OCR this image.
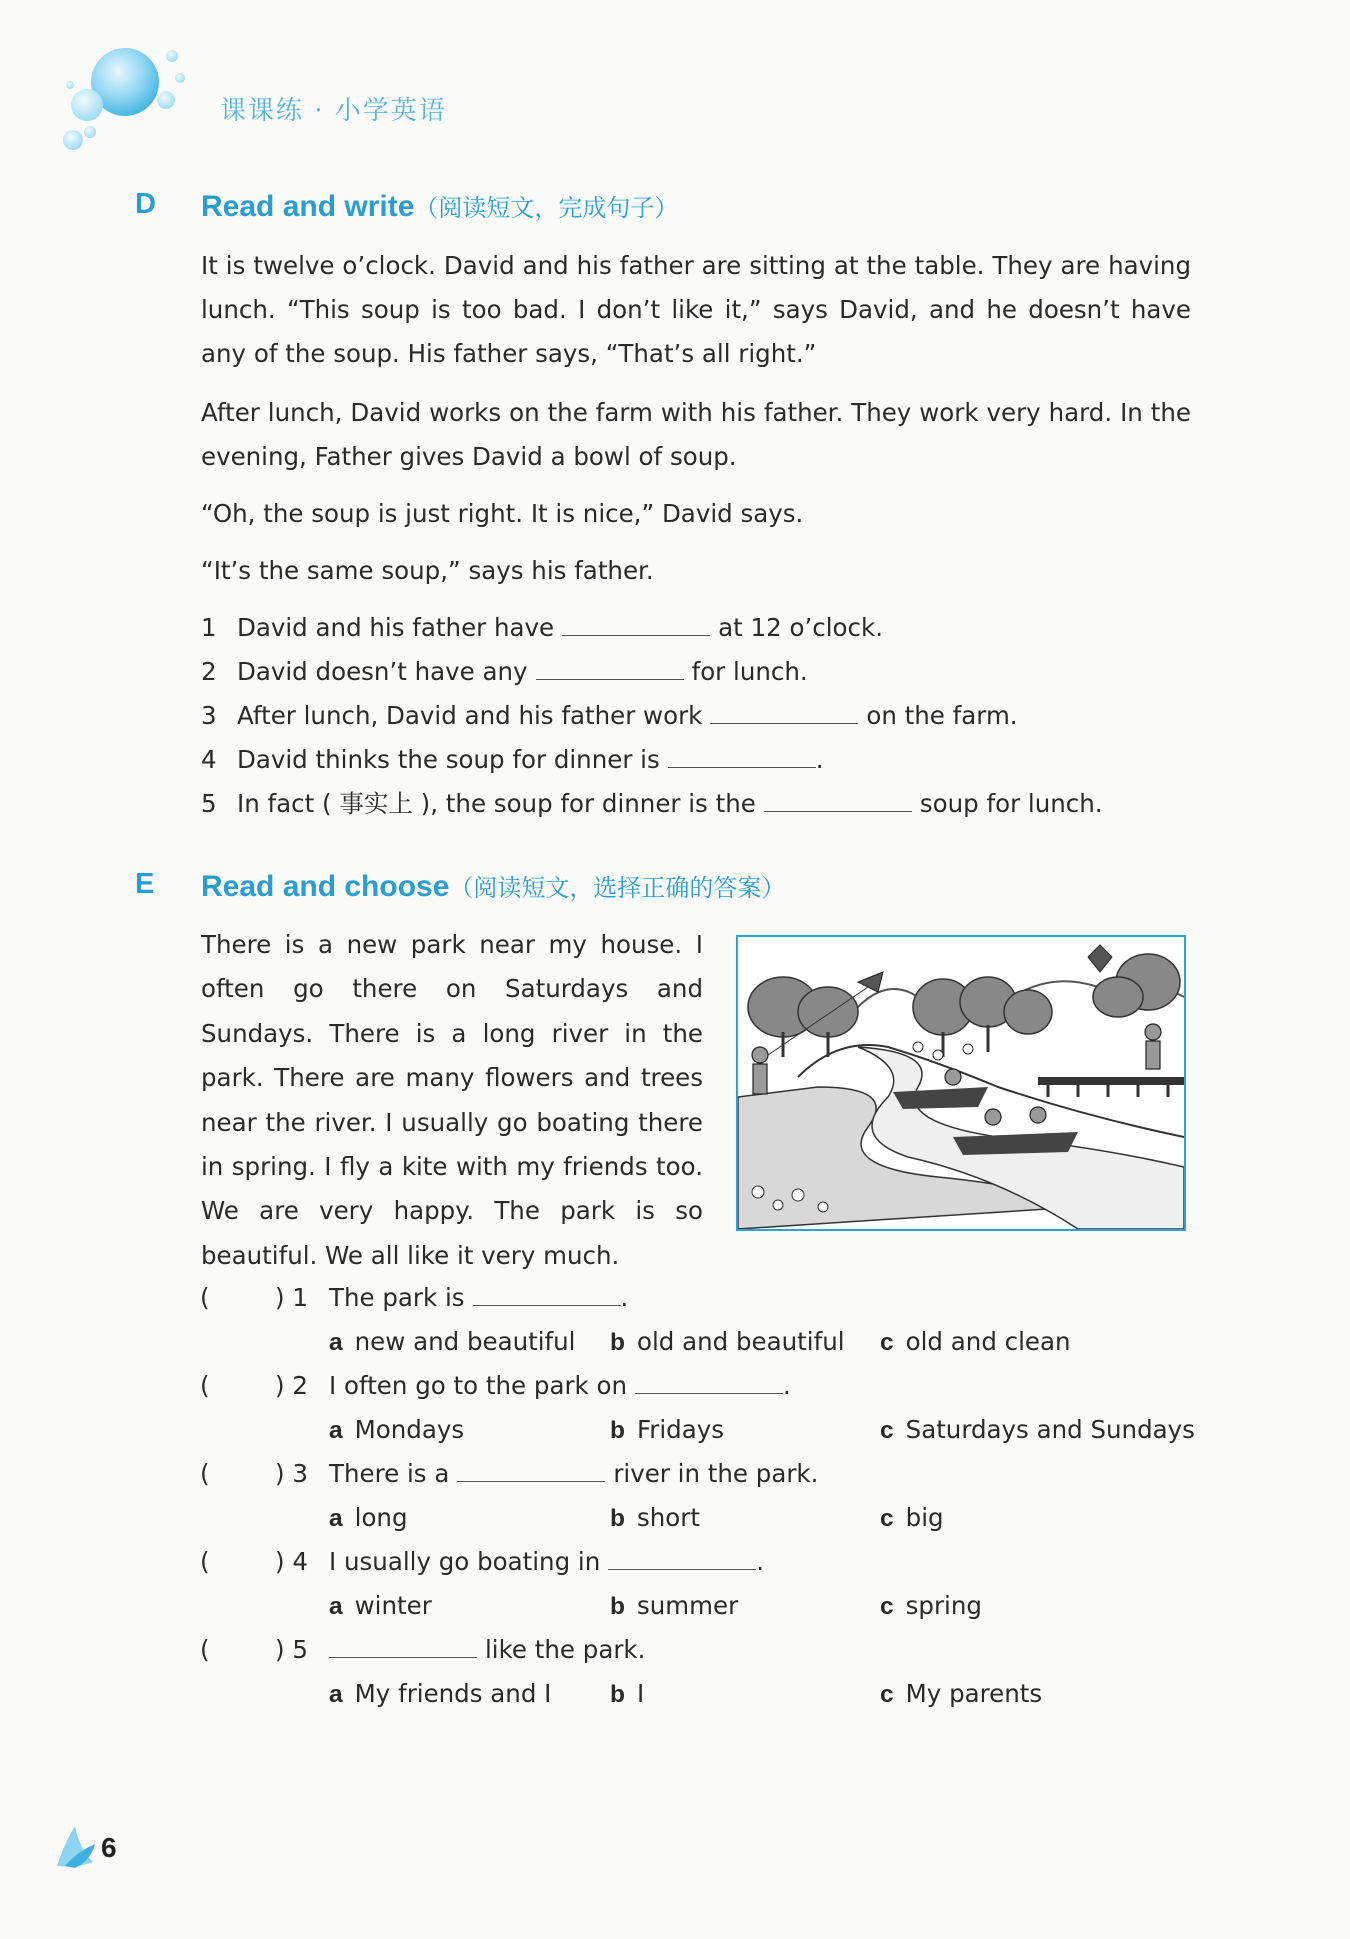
课课练 · 小学英语
D Read and write（阅读短文，完成句子）

It is twelve o’clock. David and his father are sitting at the table. They are having lunch. “This soup is too bad. I don’t like it,” says David, and he doesn’t have any of the soup. His father says, “That’s all right.”

After lunch, David works on the farm with his father. They work very hard. In the evening, Father gives David a bowl of soup.

“Oh, the soup is just right. It is nice,” David says.

“It’s the same soup,” says his father.

1 David and his father have	at 12 o’clock.
2 David doesn’t have any	for lunch.
3 After lunch, David and his father work	on the farm.
4 David thinks the soup for dinner is	.
5 In fact ( 事实上 ), the soup for dinner is the	soup for lunch.
E Read and choose（阅读短文，选择正确的答案）

There is a new park near my house. I often go there on Saturdays and Sundays. There is a long river in the park. There are many flowers and trees near the river. I usually go boating there in spring. I fly a kite with my friends too. We are very happy. The park is so beautiful. We all like it very much.

(	) 1 The park is	.
a new and beautiful b old and beautiful c old and clean
(	) 2 I often go to the park on	.
a Mondays	b Fridays	c Saturdays and Sundays
(	) 3 There is a	river in the park.
a long	b short	c big
(	) 4 I usually go boating in	.
a winter	b summer	c spring
(	) 5	like the park.
a My friends and I b I	c My parents
6
